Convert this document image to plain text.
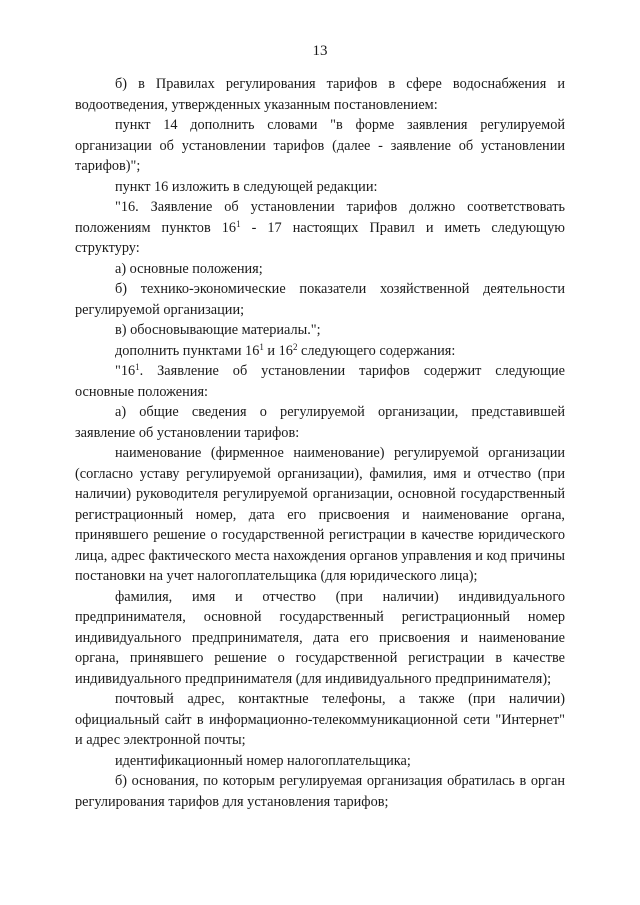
13

б) в Правилах регулирования тарифов в сфере водоснабжения и водоотведения, утвержденных указанным постановлением:

пункт 14 дополнить словами "в форме заявления регулируемой организации об установлении тарифов (далее - заявление об установлении тарифов)";

пункт 16 изложить в следующей редакции:

"16. Заявление об установлении тарифов должно соответствовать положениям пунктов $16^1 - 17$ настоящих Правил и иметь следующую структуру:

а) основные положения;

б) технико-экономические показатели хозяйственной деятельности регулируемой организации;

в) обосновывающие материалы.";

дополнить пунктами $16^1$ и $16^2$ следующего содержания:

"$16^1$. Заявление об установлении тарифов содержит следующие основные положения:

а) общие сведения о регулируемой организации, представившей заявление об установлении тарифов:

наименование (фирменное наименование) регулируемой организации (согласно уставу регулируемой организации), фамилия, имя и отчество (при наличии) руководителя регулируемой организации, основной государственный регистрационный номер, дата его присвоения и наименование органа, принявшего решение о государственной регистрации в качестве юридического лица, адрес фактического места нахождения органов управления и код причины постановки на учет налогоплательщика (для юридического лица);

фамилия, имя и отчество (при наличии) индивидуального предпринимателя, основной государственный регистрационный номер индивидуального предпринимателя, дата его присвоения и наименование органа, принявшего решение о государственной регистрации в качестве индивидуального предпринимателя (для индивидуального предпринимателя);

почтовый адрес, контактные телефоны, а также (при наличии) официальный сайт в информационно-телекоммуникационной сети "Интернет" и адрес электронной почты;

идентификационный номер налогоплательщика;

б) основания, по которым регулируемая организация обратилась в орган регулирования тарифов для установления тарифов;
